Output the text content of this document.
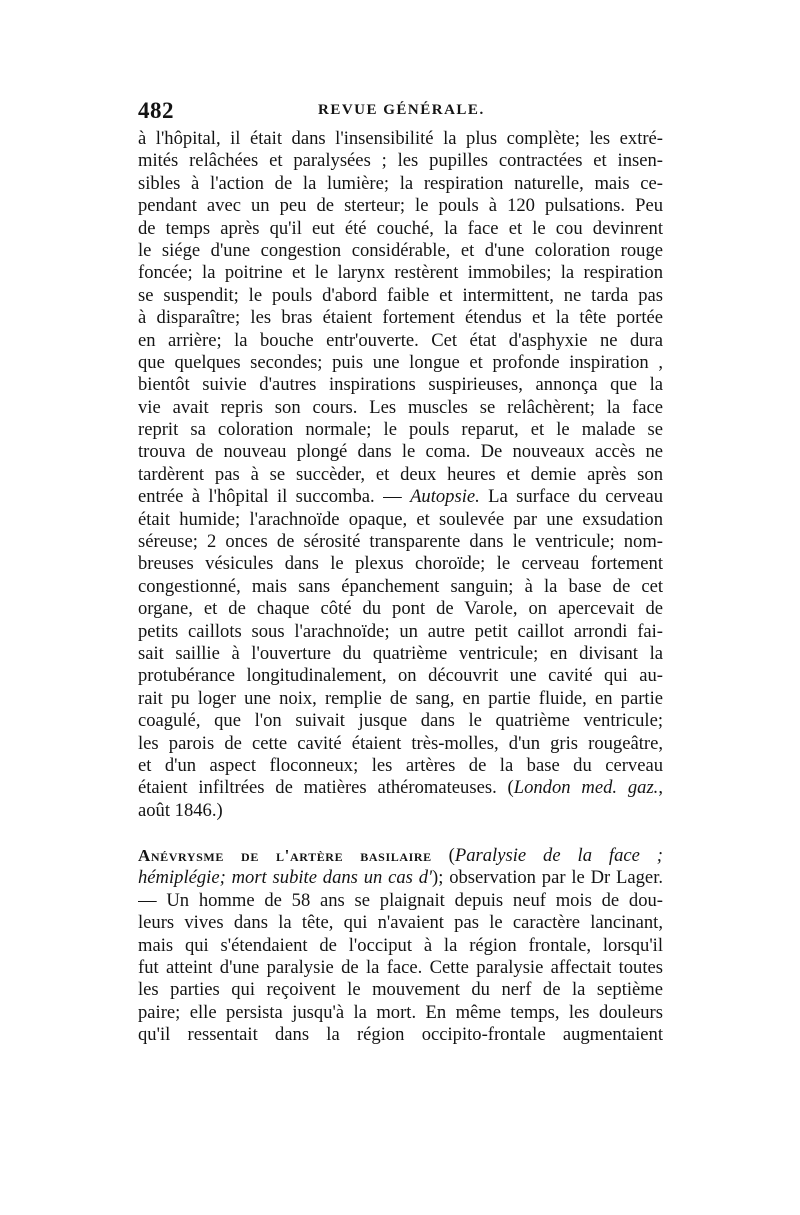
482	REVUE GÉNÉRALE.
à l'hôpital, il était dans l'insensibilité la plus complète; les extré-
mités relâchées et paralysées ; les pupilles contractées et insen-
sibles à l'action de la lumière; la respiration naturelle, mais ce-
pendant avec un peu de sterteur; le pouls à 120 pulsations. Peu
de temps après qu'il eut été couché, la face et le cou devinrent
le siége d'une congestion considérable, et d'une coloration rouge
foncée; la poitrine et le larynx restèrent immobiles; la respiration
se suspendit; le pouls d'abord faible et intermittent, ne tarda pas
à disparaître; les bras étaient fortement étendus et la tête portée
en arrière; la bouche entr'ouverte. Cet état d'asphyxie ne dura
que quelques secondes; puis une longue et profonde inspiration ,
bientôt suivie d'autres inspirations suspirieuses, annonça que la
vie avait repris son cours. Les muscles se relâchèrent; la face
reprit sa coloration normale; le pouls reparut, et le malade se
trouva de nouveau plongé dans le coma. De nouveaux accès ne
tardèrent pas à se succèder, et deux heures et demie après son
entrée à l'hôpital il succomba. — Autopsie. La surface du cerveau
était humide; l'arachnoïde opaque, et soulevée par une exsudation
séreuse; 2 onces de sérosité transparente dans le ventricule; nom-
breuses vésicules dans le plexus choroïde; le cerveau fortement
congestionné, mais sans épanchement sanguin; à la base de cet
organe, et de chaque côté du pont de Varole, on apercevait de
petits caillots sous l'arachnoïde; un autre petit caillot arrondi fai-
sait saillie à l'ouverture du quatrième ventricule; en divisant la
protubérance longitudinalement, on découvrit une cavité qui au-
rait pu loger une noix, remplie de sang, en partie fluide, en partie
coagulé, que l'on suivait jusque dans le quatrième ventricule;
les parois de cette cavité étaient très-molles, d'un gris rougeâtre,
et d'un aspect floconneux; les artères de la base du cerveau
étaient infiltrées de matières athéromateuses. (London med. gaz.,
août 1846.)
Anévrysme de l'artère basilaire (Paralysie de la face ;
hémiplégie; mort subite dans un cas d'); observation par le Dr Lager.
— Un homme de 58 ans se plaignait depuis neuf mois de dou-
leurs vives dans la tête, qui n'avaient pas le caractère lancinant,
mais qui s'étendaient de l'occiput à la région frontale, lorsqu'il
fut atteint d'une paralysie de la face. Cette paralysie affectait toutes
les parties qui reçoivent le mouvement du nerf de la septième
paire; elle persista jusqu'à la mort. En même temps, les douleurs
qu'il ressentait dans la région occipito-frontale augmentaient
